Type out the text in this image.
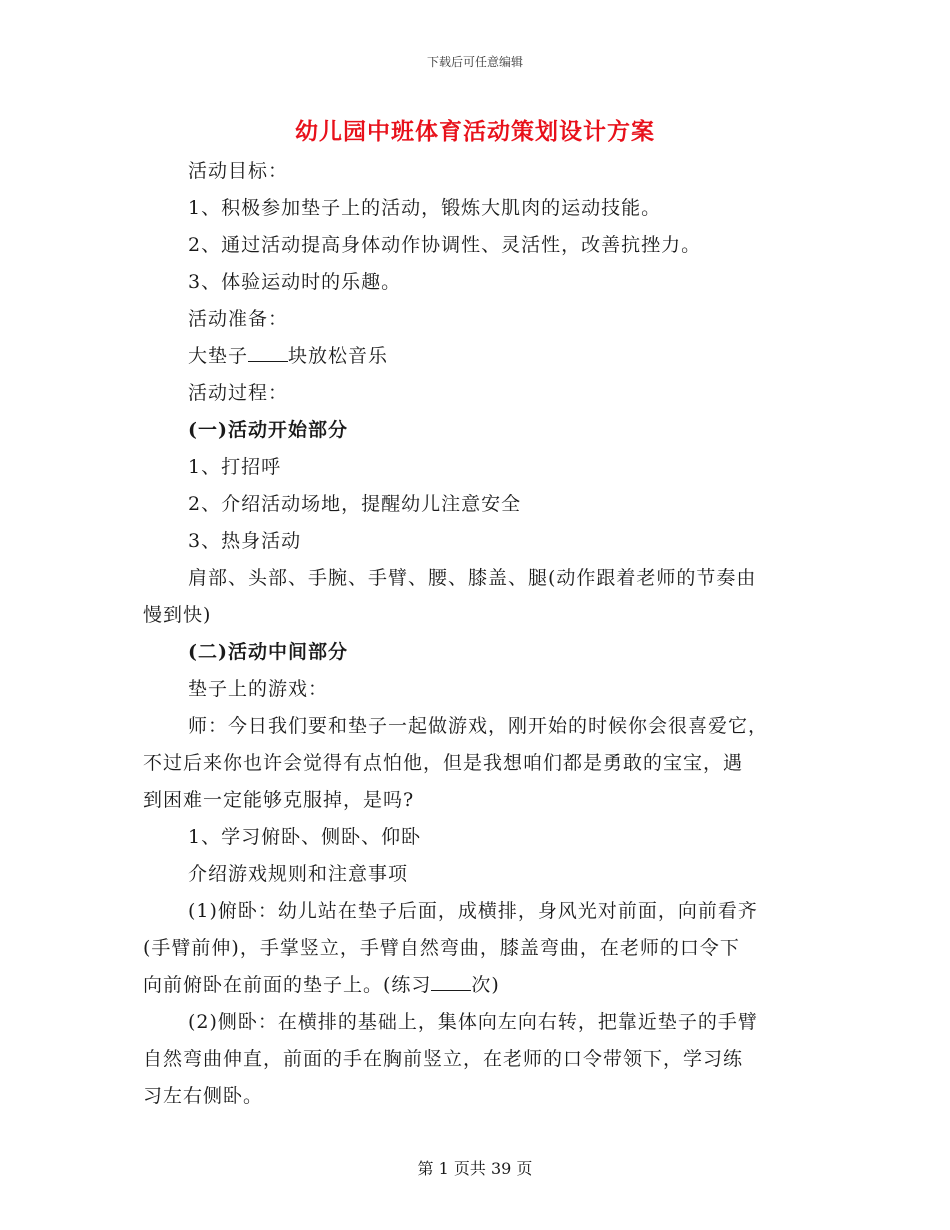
下载后可任意编辑
幼儿园中班体育活动策划设计方案
活动目标：
1、积极参加垫子上的活动，锻炼大肌肉的运动技能。
2、通过活动提高身体动作协调性、灵活性，改善抗挫力。
3、体验运动时的乐趣。
活动准备：
大垫子 块放松音乐
活动过程：
(一)活动开始部分
1、打招呼
2、介绍活动场地，提醒幼儿注意安全
3、热身活动
肩部、头部、手腕、手臂、腰、膝盖、腿(动作跟着老师的节奏由
慢到快)
(二)活动中间部分
垫子上的游戏：
师：今日我们要和垫子一起做游戏，刚开始的时候你会很喜爱它，
不过后来你也许会觉得有点怕他，但是我想咱们都是勇敢的宝宝，遇
到困难一定能够克服掉，是吗?
1、学习俯卧、侧卧、仰卧
介绍游戏规则和注意事项
(1)俯卧：幼儿站在垫子后面，成横排，身风光对前面，向前看齐
(手臂前伸)，手掌竖立，手臂自然弯曲，膝盖弯曲，在老师的口令下
向前俯卧在前面的垫子上。(练习 次)
(2)侧卧：在横排的基础上，集体向左向右转，把靠近垫子的手臂
自然弯曲伸直，前面的手在胸前竖立，在老师的口令带领下，学习练
习左右侧卧。
第 1 页共 39 页
